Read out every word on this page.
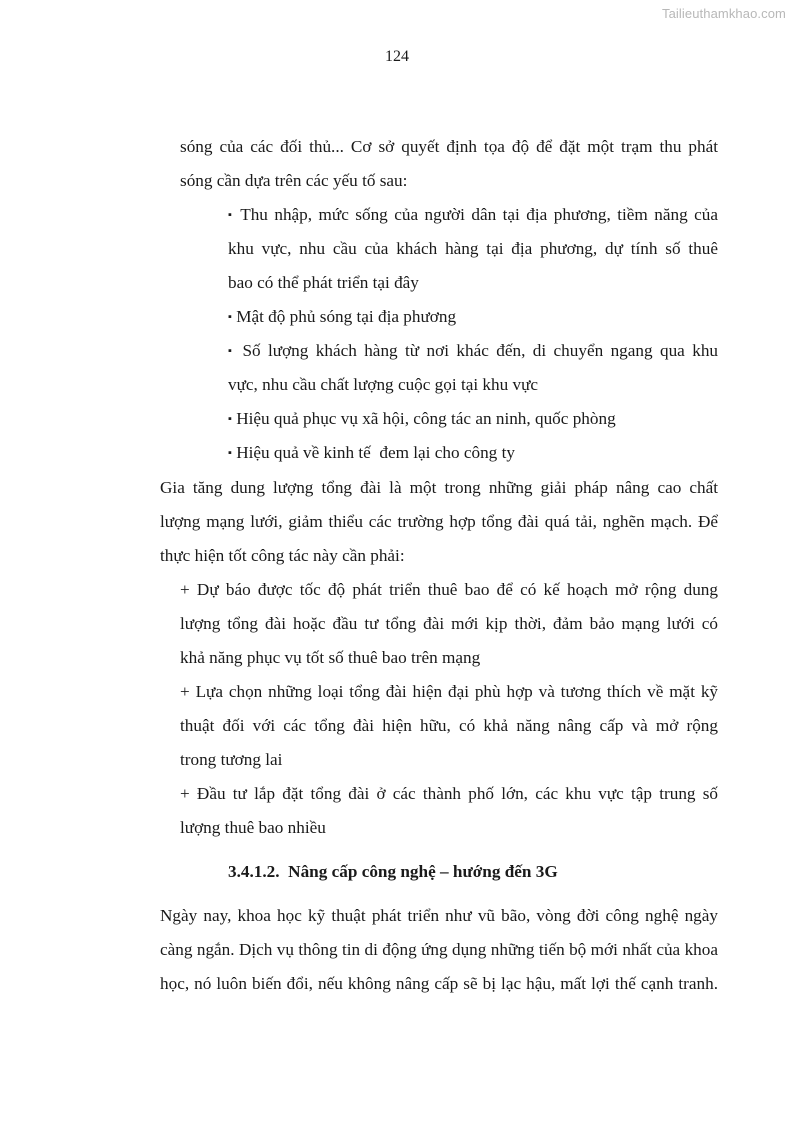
Tailieuthamkhao.com
124
sóng của các đối thủ... Cơ sở quyết định tọa độ để đặt một trạm thu phát
sóng cần dựa trên các yếu tố sau:
▪ Thu nhập, mức sống của người dân tại địa phương, tiềm năng của
khu vực, nhu cầu của khách hàng tại địa phương, dự tính số thuê
bao có thể phát triển tại đây
▪ Mật độ phủ sóng tại địa phương
▪ Số lượng khách hàng từ nơi khác đến, di chuyển ngang qua khu
vực, nhu cầu chất lượng cuộc gọi tại khu vực
▪ Hiệu quả phục vụ xã hội, công tác an ninh, quốc phòng
▪ Hiệu quả về kinh tế  đem lại cho công ty
Gia tăng dung lượng tổng đài là một trong những giải pháp nâng cao chất
lượng mạng lưới, giảm thiểu các trường hợp tổng đài quá tải, nghẽn mạch. Để
thực hiện tốt công tác này cần phải:
+ Dự báo được tốc độ phát triển thuê bao để có kế hoạch mở rộng dung
lượng tổng đài hoặc đầu tư tổng đài mới kịp thời, đảm bảo mạng lưới có
khả năng phục vụ tốt số thuê bao trên mạng
+ Lựa chọn những loại tổng đài hiện đại phù hợp và tương thích về mặt kỹ
thuật đối với các tổng đài hiện hữu, có khả năng nâng cấp và mở rộng
trong tương lai
+ Đầu tư lắp đặt tổng đài ở các thành phố lớn, các khu vực tập trung số
lượng thuê bao nhiều
3.4.1.2. Nâng cấp công nghệ – hướng đến 3G
Ngày nay, khoa học kỹ thuật phát triển như vũ bão, vòng đời công nghệ ngày
càng ngắn. Dịch vụ thông tin di động ứng dụng những tiến bộ mới nhất của khoa
học, nó luôn biến đổi, nếu không nâng cấp sẽ bị lạc hậu, mất lợi thế cạnh tranh.
